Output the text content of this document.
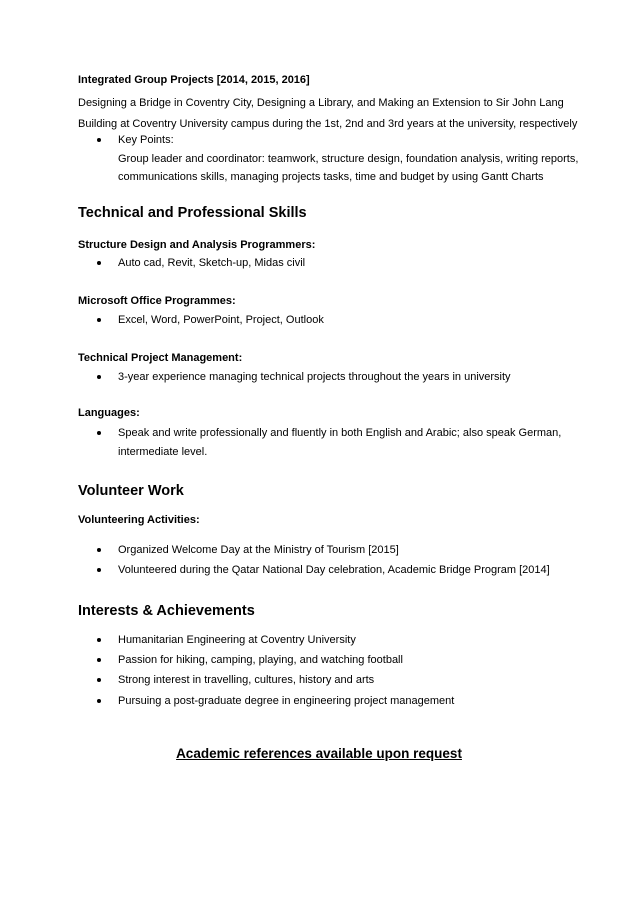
Integrated Group Projects [2014, 2015, 2016]
Designing a Bridge in Coventry City, Designing a Library, and Making an Extension to Sir John Lang
Building at Coventry University campus during the 1st, 2nd and 3rd years at the university, respectively
Key Points:
Group leader and coordinator: teamwork, structure design, foundation analysis, writing reports,
communications skills, managing projects tasks, time and budget by using Gantt Charts
Technical and Professional Skills
Structure Design and Analysis Programmers:
Auto cad, Revit, Sketch-up, Midas civil
Microsoft Office Programmes:
Excel, Word, PowerPoint, Project, Outlook
Technical Project Management:
3-year experience managing technical projects throughout the years in university
Languages:
Speak and write professionally and fluently in both English and Arabic; also speak German,
intermediate level.
Volunteer Work
Volunteering Activities:
Organized Welcome Day at the Ministry of Tourism [2015]
Volunteered during the Qatar National Day celebration, Academic Bridge Program [2014]
Interests & Achievements
Humanitarian Engineering at Coventry University
Passion for hiking, camping, playing, and watching football
Strong interest in travelling, cultures, history and arts
Pursuing a post-graduate degree in engineering project management
Academic references available upon request
